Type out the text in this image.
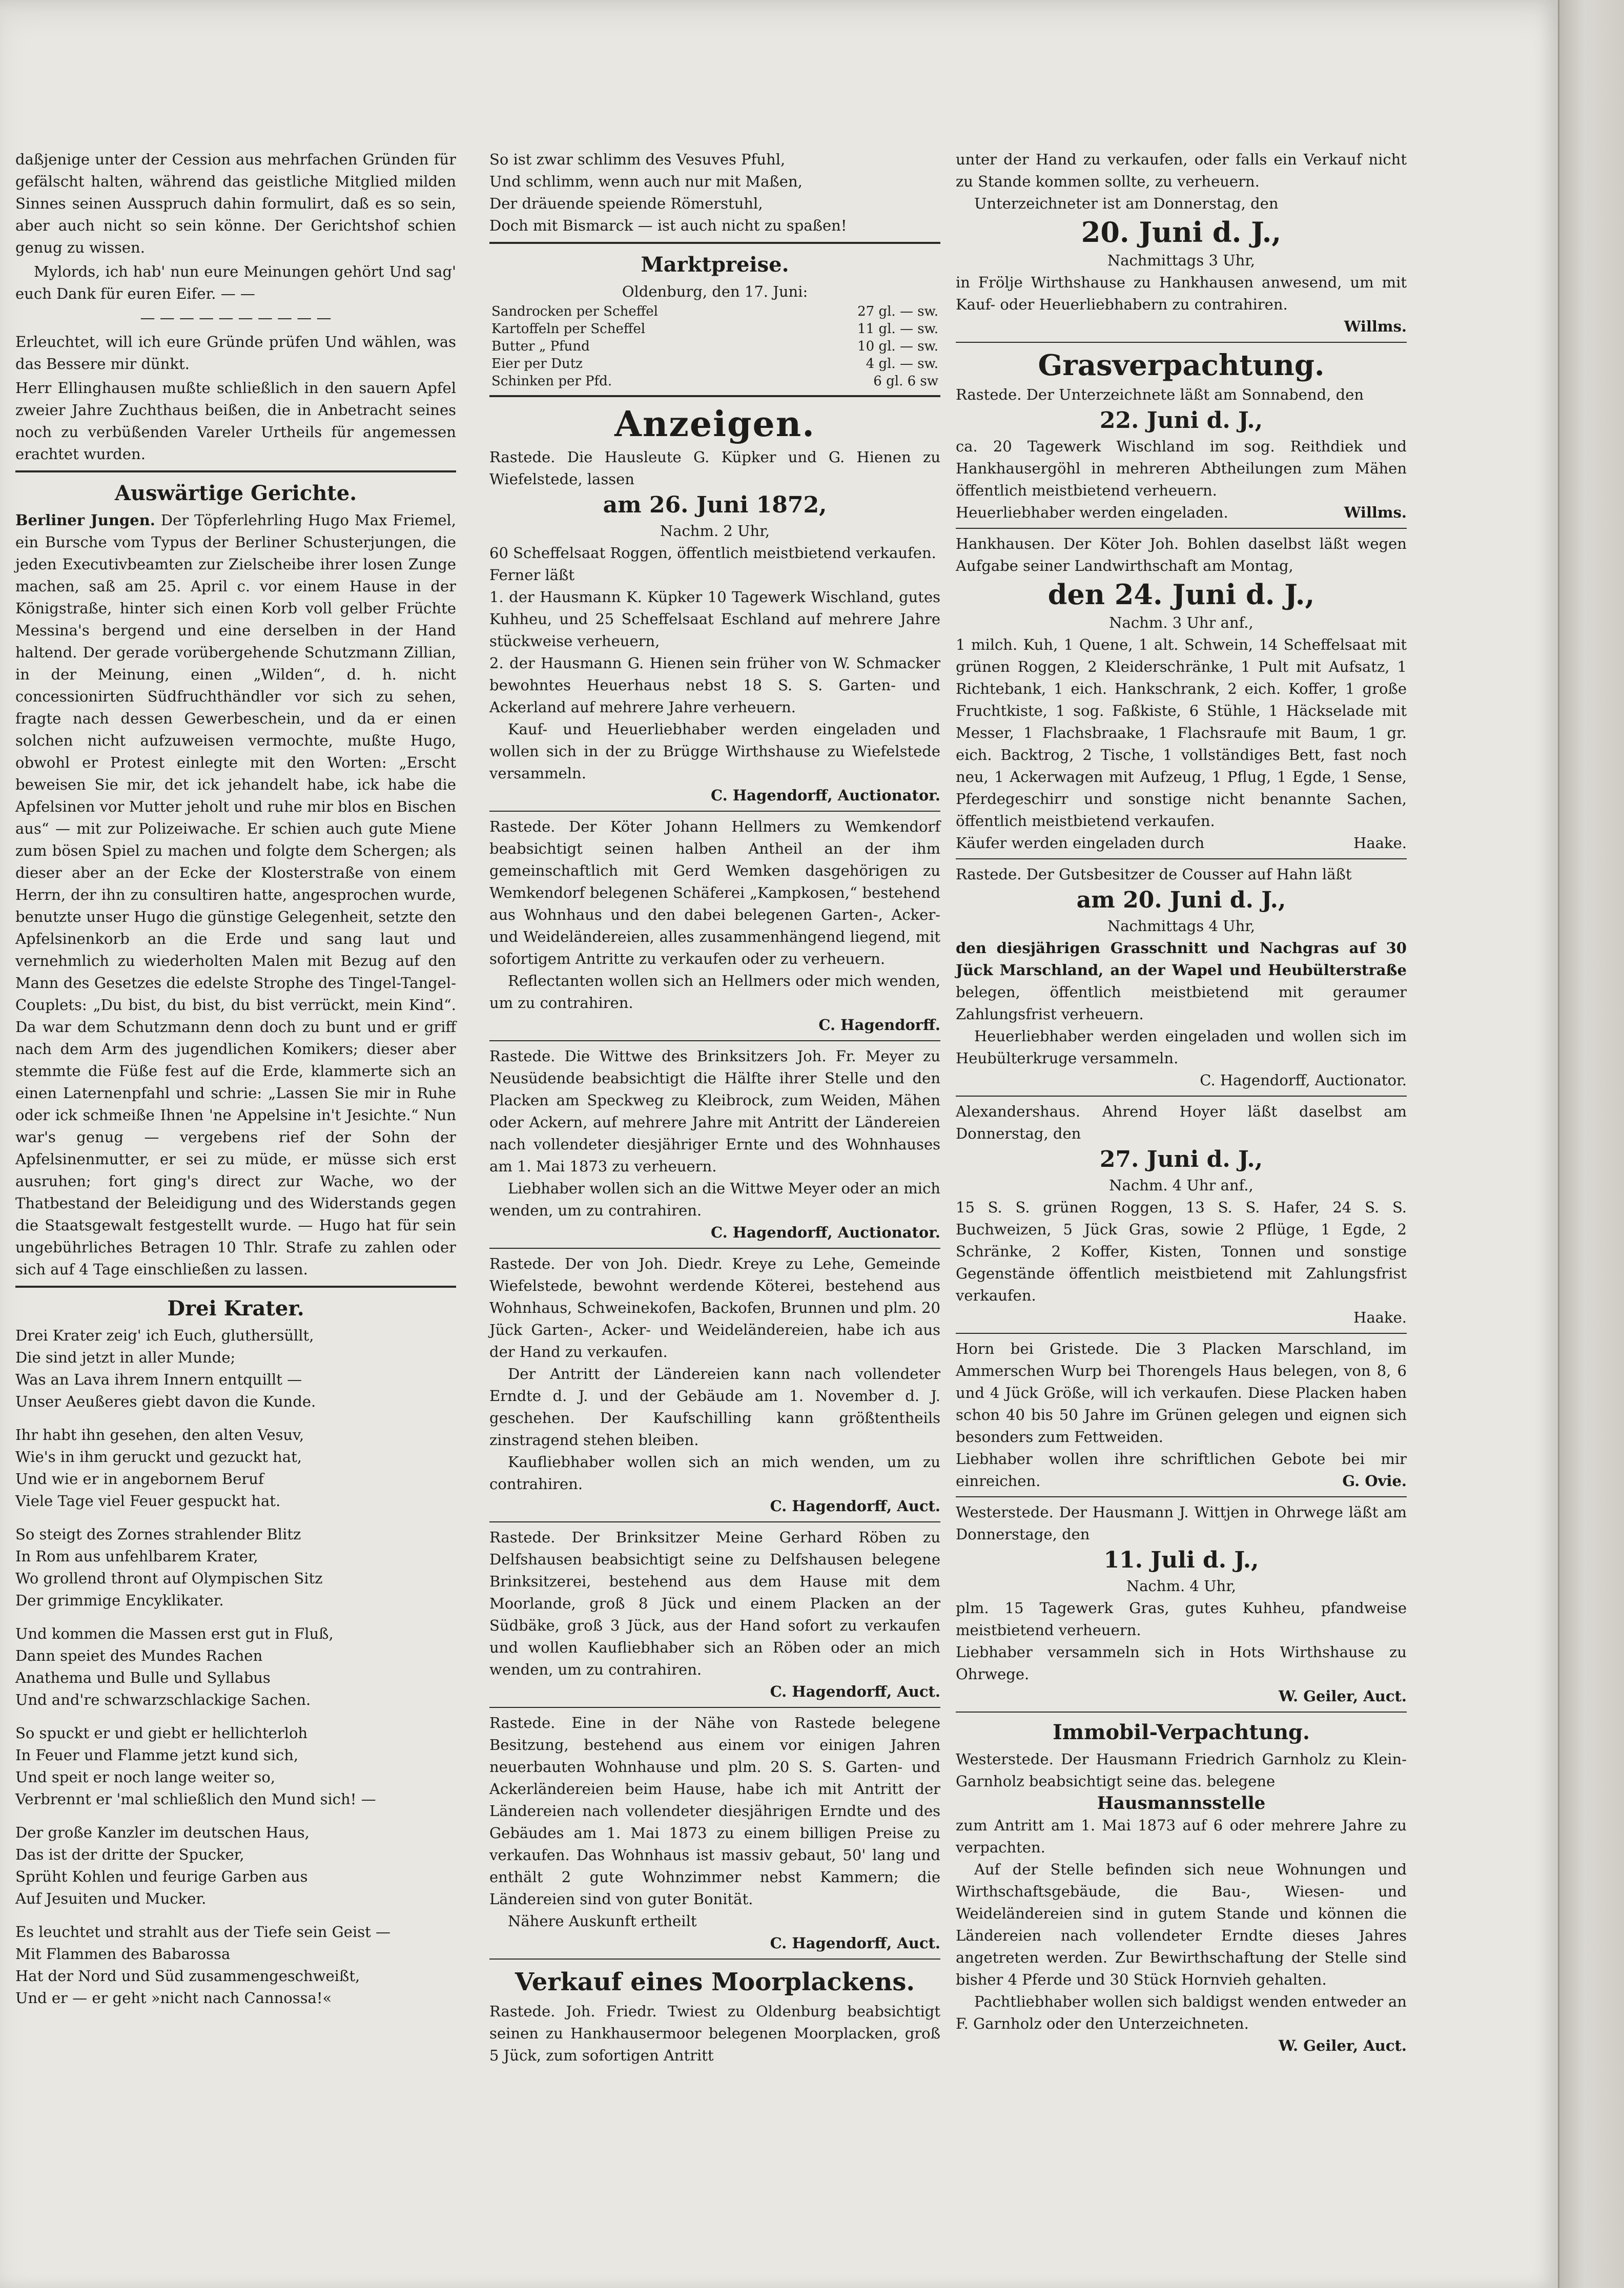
daßjenige unter der Cession aus mehrfachen Gründen für gefälscht halten, während das geistliche Mitglied milden Sinnes seinen Ausspruch dahin formulirt, daß es so sein, aber auch nicht so sein könne. Der Gerichtshof schien genug zu wissen.

Mylords, ich hab' nun eure Meinungen gehört Und sag' euch Dank für euren Eifer. — —

— — — — — — — — — —

Erleuchtet, will ich eure Gründe prüfen Und wählen, was das Bessere mir dünkt.

Herr Ellinghausen mußte schließlich in den sauern Apfel zweier Jahre Zuchthaus beißen, die in Anbetracht seines noch zu verbüßenden Vareler Urtheils für angemessen erachtet wurden.

Auswärtige Gerichte.

Berliner Jungen. Der Töpferlehrling Hugo Max Friemel, ein Bursche vom Typus der Berliner Schusterjungen, die jeden Executivbeamten zur Zielscheibe ihrer losen Zunge machen, saß am 25. April c. vor einem Hause in der Königstraße, hinter sich einen Korb voll gelber Früchte Messina's bergend und eine derselben in der Hand haltend. Der gerade vorübergehende Schutzmann Zillian, in der Meinung, einen „Wilden“, d. h. nicht concessionirten Südfruchthändler vor sich zu sehen, fragte nach dessen Gewerbeschein, und da er einen solchen nicht aufzuweisen vermochte, mußte Hugo, obwohl er Protest einlegte mit den Worten: „Erscht beweisen Sie mir, det ick jehandelt habe, ick habe die Apfelsinen vor Mutter jeholt und ruhe mir blos en Bischen aus“ — mit zur Polizeiwache. Er schien auch gute Miene zum bösen Spiel zu machen und folgte dem Schergen; als dieser aber an der Ecke der Klosterstraße von einem Herrn, der ihn zu consultiren hatte, angesprochen wurde, benutzte unser Hugo die günstige Gelegenheit, setzte den Apfelsinenkorb an die Erde und sang laut und vernehmlich zu wiederholten Malen mit Bezug auf den Mann des Gesetzes die edelste Strophe des Tingel-Tangel-Couplets: „Du bist, du bist, du bist verrückt, mein Kind“. Da war dem Schutzmann denn doch zu bunt und er griff nach dem Arm des jugendlichen Komikers; dieser aber stemmte die Füße fest auf die Erde, klammerte sich an einen Laternenpfahl und schrie: „Lassen Sie mir in Ruhe oder ick schmeiße Ihnen 'ne Appelsine in't Jesichte.“ Nun war's genug — vergebens rief der Sohn der Apfelsinenmutter, er sei zu müde, er müsse sich erst ausruhen; fort ging's direct zur Wache, wo der Thatbestand der Beleidigung und des Widerstands gegen die Staatsgewalt festgestellt wurde. — Hugo hat für sein ungebührliches Betragen 10 Thlr. Strafe zu zahlen oder sich auf 4 Tage einschließen zu lassen.

Drei Krater.

Drei Krater zeig' ich Euch, gluthersüllt,

Die sind jetzt in aller Munde;

Was an Lava ihrem Innern entquillt —

Unser Aeußeres giebt davon die Kunde.

Ihr habt ihn gesehen, den alten Vesuv,

Wie's in ihm geruckt und gezuckt hat,

Und wie er in angebornem Beruf

Viele Tage viel Feuer gespuckt hat.

So steigt des Zornes strahlender Blitz

In Rom aus unfehlbarem Krater,

Wo grollend thront auf Olympischen Sitz

Der grimmige Encyklikater.

Und kommen die Massen erst gut in Fluß,

Dann speiet des Mundes Rachen

Anathema und Bulle und Syllabus

Und and're schwarzschlackige Sachen.

So spuckt er und giebt er hellichterloh

In Feuer und Flamme jetzt kund sich,

Und speit er noch lange weiter so,

Verbrennt er 'mal schließlich den Mund sich! —

Der große Kanzler im deutschen Haus,

Das ist der dritte der Spucker,

Sprüht Kohlen und feurige Garben aus

Auf Jesuiten und Mucker.

Es leuchtet und strahlt aus der Tiefe sein Geist —

Mit Flammen des Babarossa

Hat der Nord und Süd zusammengeschweißt,

Und er — er geht »nicht nach Cannossa!«

So ist zwar schlimm des Vesuves Pfuhl,

Und schlimm, wenn auch nur mit Maßen,

Der dräuende speiende Römerstuhl,

Doch mit Bismarck — ist auch nicht zu spaßen!

Marktpreise.

Oldenburg, den 17. Juni:

Sandrocken per Scheffel	27 gl. — sw.
Kartoffeln per Scheffel	11 gl. — sw.
Butter „ Pfund	10 gl. — sw.
Eier per Dutz	4 gl. — sw.
Schinken per Pfd.	6 gl. 6 sw
Anzeigen.

Rastede. Die Hausleute G. Küpker und G. Hienen zu Wiefelstede, lassen

am 26. Juni 1872,

Nachm. 2 Uhr,

60 Scheffelsaat Roggen, öffentlich meistbietend verkaufen.

Ferner läßt

1. der Hausmann K. Küpker 10 Tagewerk Wischland, gutes Kuhheu, und 25 Scheffelsaat Eschland auf mehrere Jahre stückweise verheuern,

2. der Hausmann G. Hienen sein früher von W. Schmacker bewohntes Heuerhaus nebst 18 S. S. Garten- und Ackerland auf mehrere Jahre verheuern.

Kauf- und Heuerliebhaber werden eingeladen und wollen sich in der zu Brügge Wirthshause zu Wiefelstede versammeln.

C. Hagendorff, Auctionator.

Rastede. Der Köter Johann Hellmers zu Wemkendorf beabsichtigt seinen halben Antheil an der ihm gemeinschaftlich mit Gerd Wemken dasgehörigen zu Wemkendorf belegenen Schäferei „Kampkosen,“ bestehend aus Wohnhaus und den dabei belegenen Garten-, Acker- und Weideländereien, alles zusammenhängend liegend, mit sofortigem Antritte zu verkaufen oder zu verheuern.

Reflectanten wollen sich an Hellmers oder mich wenden, um zu contrahiren.

C. Hagendorff.

Rastede. Die Wittwe des Brinksitzers Joh. Fr. Meyer zu Neusüdende beabsichtigt die Hälfte ihrer Stelle und den Placken am Speckweg zu Kleibrock, zum Weiden, Mähen oder Ackern, auf mehrere Jahre mit Antritt der Ländereien nach vollendeter diesjähriger Ernte und des Wohnhauses am 1. Mai 1873 zu verheuern.

Liebhaber wollen sich an die Wittwe Meyer oder an mich wenden, um zu contrahiren.

C. Hagendorff, Auctionator.

Rastede. Der von Joh. Diedr. Kreye zu Lehe, Gemeinde Wiefelstede, bewohnt werdende Köterei, bestehend aus Wohnhaus, Schweinekofen, Backofen, Brunnen und plm. 20 Jück Garten-, Acker- und Weideländereien, habe ich aus der Hand zu verkaufen.

Der Antritt der Ländereien kann nach vollendeter Erndte d. J. und der Gebäude am 1. November d. J. geschehen. Der Kaufschilling kann größtentheils zinstragend stehen bleiben.

Kaufliebhaber wollen sich an mich wenden, um zu contrahiren.

C. Hagendorff, Auct.

Rastede. Der Brinksitzer Meine Gerhard Röben zu Delfshausen beabsichtigt seine zu Delfshausen belegene Brinksitzerei, bestehend aus dem Hause mit dem Moorlande, groß 8 Jück und einem Placken an der Südbäke, groß 3 Jück, aus der Hand sofort zu verkaufen und wollen Kaufliebhaber sich an Röben oder an mich wenden, um zu contrahiren.

C. Hagendorff, Auct.

Rastede. Eine in der Nähe von Rastede belegene Besitzung, bestehend aus einem vor einigen Jahren neuerbauten Wohnhause und plm. 20 S. S. Garten- und Ackerländereien beim Hause, habe ich mit Antritt der Ländereien nach vollendeter diesjährigen Erndte und des Gebäudes am 1. Mai 1873 zu einem billigen Preise zu verkaufen. Das Wohnhaus ist massiv gebaut, 50' lang und enthält 2 gute Wohnzimmer nebst Kammern; die Ländereien sind von guter Bonität.

Nähere Auskunft ertheilt

C. Hagendorff, Auct.

Verkauf eines Moorplackens.

Rastede. Joh. Friedr. Twiest zu Oldenburg beabsichtigt seinen zu Hankhausermoor belegenen Moorplacken, groß 5 Jück, zum sofortigen Antritt

unter der Hand zu verkaufen, oder falls ein Verkauf nicht zu Stande kommen sollte, zu verheuern.

Unterzeichneter ist am Donnerstag, den

20. Juni d. J.,

Nachmittags 3 Uhr,

in Frölje Wirthshause zu Hankhausen anwesend, um mit Kauf- oder Heuerliebhabern zu contrahiren.

Willms.

Grasverpachtung.

Rastede. Der Unterzeichnete läßt am Sonnabend, den

22. Juni d. J.,

ca. 20 Tagewerk Wischland im sog. Reithdiek und Hankhausergöhl in mehreren Abtheilungen zum Mähen öffentlich meistbietend verheuern.

Heuerliebhaber werden eingeladen.	Willms.

Hankhausen. Der Köter Joh. Bohlen daselbst läßt wegen Aufgabe seiner Landwirthschaft am Montag,

den 24. Juni d. J.,

Nachm. 3 Uhr anf.,

1 milch. Kuh, 1 Quene, 1 alt. Schwein, 14 Scheffelsaat mit grünen Roggen, 2 Kleiderschränke, 1 Pult mit Aufsatz, 1 Richtebank, 1 eich. Hankschrank, 2 eich. Koffer, 1 große Fruchtkiste, 1 sog. Faßkiste, 6 Stühle, 1 Häckselade mit Messer, 1 Flachsbraake, 1 Flachsraufe mit Baum, 1 gr. eich. Backtrog, 2 Tische, 1 vollständiges Bett, fast noch neu, 1 Ackerwagen mit Aufzeug, 1 Pflug, 1 Egde, 1 Sense, Pferdegeschirr und sonstige nicht benannte Sachen, öffentlich meistbietend verkaufen.

Käufer werden eingeladen durch	Haake.

Rastede. Der Gutsbesitzer de Cousser auf Hahn läßt

am 20. Juni d. J.,

Nachmittags 4 Uhr,

den diesjährigen Grasschnitt und Nachgras auf 30 Jück Marschland, an der Wapel und Heubülterstraße belegen, öffentlich meistbietend mit geraumer Zahlungsfrist verheuern.

Heuerliebhaber werden eingeladen und wollen sich im Heubülterkruge versammeln.

C. Hagendorff, Auctionator.

Alexandershaus. Ahrend Hoyer läßt daselbst am Donnerstag, den

27. Juni d. J.,

Nachm. 4 Uhr anf.,

15 S. S. grünen Roggen, 13 S. S. Hafer, 24 S. S. Buchweizen, 5 Jück Gras, sowie 2 Pflüge, 1 Egde, 2 Schränke, 2 Koffer, Kisten, Tonnen und sonstige Gegenstände öffentlich meistbietend mit Zahlungsfrist verkaufen.

Haake.

Horn bei Gristede. Die 3 Placken Marschland, im Ammerschen Wurp bei Thorengels Haus belegen, von 8, 6 und 4 Jück Größe, will ich verkaufen. Diese Placken haben schon 40 bis 50 Jahre im Grünen gelegen und eignen sich besonders zum Fettweiden.

Liebhaber wollen ihre schriftlichen Gebote bei mir einreichen.	G. Ovie.

Westerstede. Der Hausmann J. Wittjen in Ohrwege läßt am Donnerstage, den

11. Juli d. J.,

Nachm. 4 Uhr,

plm. 15 Tagewerk Gras, gutes Kuhheu, pfandweise meistbietend verheuern.

Liebhaber versammeln sich in Hots Wirthshause zu Ohrwege.

W. Geiler, Auct.

Immobil-Verpachtung.

Westerstede. Der Hausmann Friedrich Garnholz zu Klein-Garnholz beabsichtigt seine das. belegene

Hausmannsstelle

zum Antritt am 1. Mai 1873 auf 6 oder mehrere Jahre zu verpachten.

Auf der Stelle befinden sich neue Wohnungen und Wirthschaftsgebäude, die Bau-, Wiesen- und Weideländereien sind in gutem Stande und können die Ländereien nach vollendeter Erndte dieses Jahres angetreten werden. Zur Bewirthschaftung der Stelle sind bisher 4 Pferde und 30 Stück Hornvieh gehalten.

Pachtliebhaber wollen sich baldigst wenden entweder an F. Garnholz oder den Unterzeichneten.

W. Geiler, Auct.
